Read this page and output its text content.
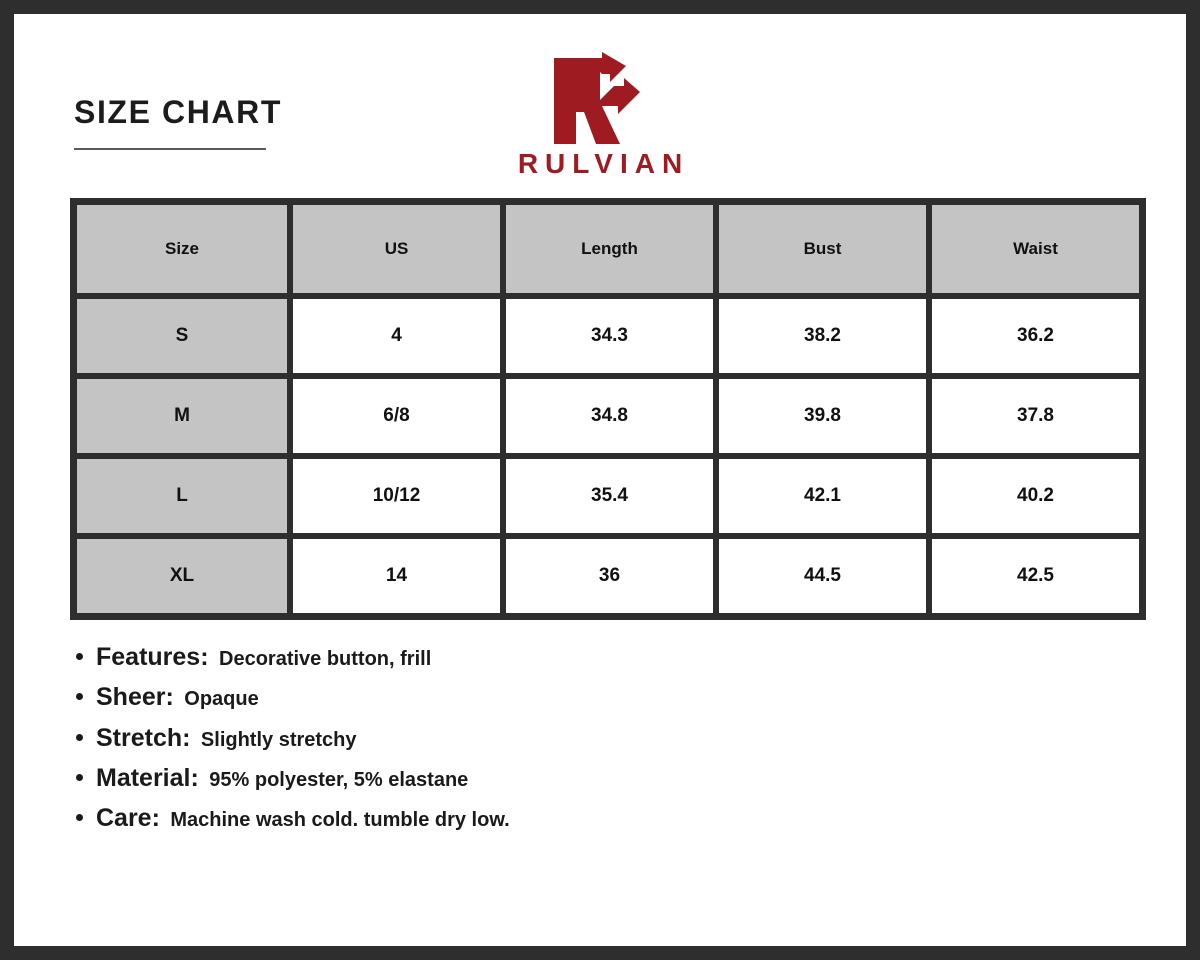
SIZE CHART
RULVIAN
Size	US	Length	Bust	Waist
S	4	34.3	38.2	36.2
M	6/8	34.8	39.8	37.8
L	10/12	35.4	42.1	40.2
XL	14	36	44.5	42.5
Features: Decorative button, frill
Sheer: Opaque
Stretch: Slightly stretchy
Material: 95% polyester, 5% elastane
Care: Machine wash cold. tumble dry low.
